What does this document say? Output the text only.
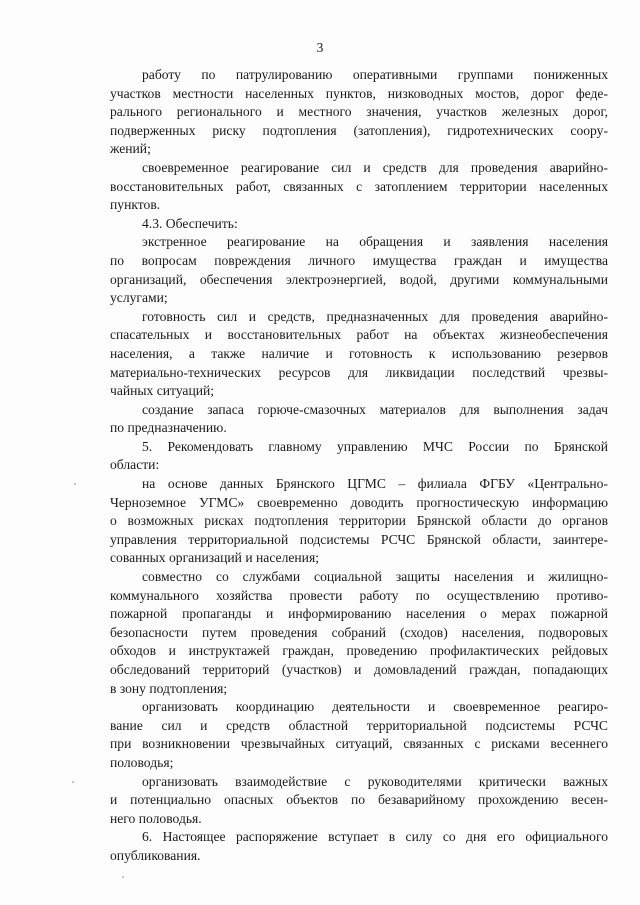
3
работу по патрулированию оперативными группами пониженных
участков местности населенных пунктов, низководных мостов, дорог феде-
рального регионального и местного значения, участков железных дорог,
подверженных риску подтопления (затопления), гидротехнических соору-
жений;
своевременное реагирование сил и средств для проведения аварийно-
восстановительных работ, связанных с затоплением территории населенных
пунктов.
4.3. Обеспечить:
экстренное реагирование на обращения и заявления населения
по вопросам повреждения личного имущества граждан и имущества
организаций, обеспечения электроэнергией, водой, другими коммунальными
услугами;
готовность сил и средств, предназначенных для проведения аварийно-
спасательных и восстановительных работ на объектах жизнеобеспечения
населения, а также наличие и готовность к использованию резервов
материально-технических ресурсов для ликвидации последствий чрезвы-
чайных ситуаций;
создание запаса горюче-смазочных материалов для выполнения задач
по предназначению.
5. Рекомендовать главному управлению МЧС России по Брянской
области:
на основе данных Брянского ЦГМС – филиала ФГБУ «Центрально-
Черноземное УГМС» своевременно доводить прогностическую информацию
о возможных рисках подтопления территории Брянской области до органов
управления территориальной подсистемы РСЧС Брянской области, заинтере-
сованных организаций и населения;
совместно со службами социальной защиты населения и жилищно-
коммунального хозяйства провести работу по осуществлению противо-
пожарной пропаганды и информированию населения о мерах пожарной
безопасности путем проведения собраний (сходов) населения, подворовых
обходов и инструктажей граждан, проведению профилактических рейдовых
обследований территорий (участков) и домовладений граждан, попадающих
в зону подтопления;
организовать координацию деятельности и своевременное реагиро-
вание сил и средств областной территориальной подсистемы РСЧС
при возникновении чрезвычайных ситуаций, связанных с рисками весеннего
половодья;
организовать взаимодействие с руководителями критически важных
и потенциально опасных объектов по безаварийному прохождению весен-
него половодья.
6. Настоящее распоряжение вступает в силу со дня его официального
опубликования.
